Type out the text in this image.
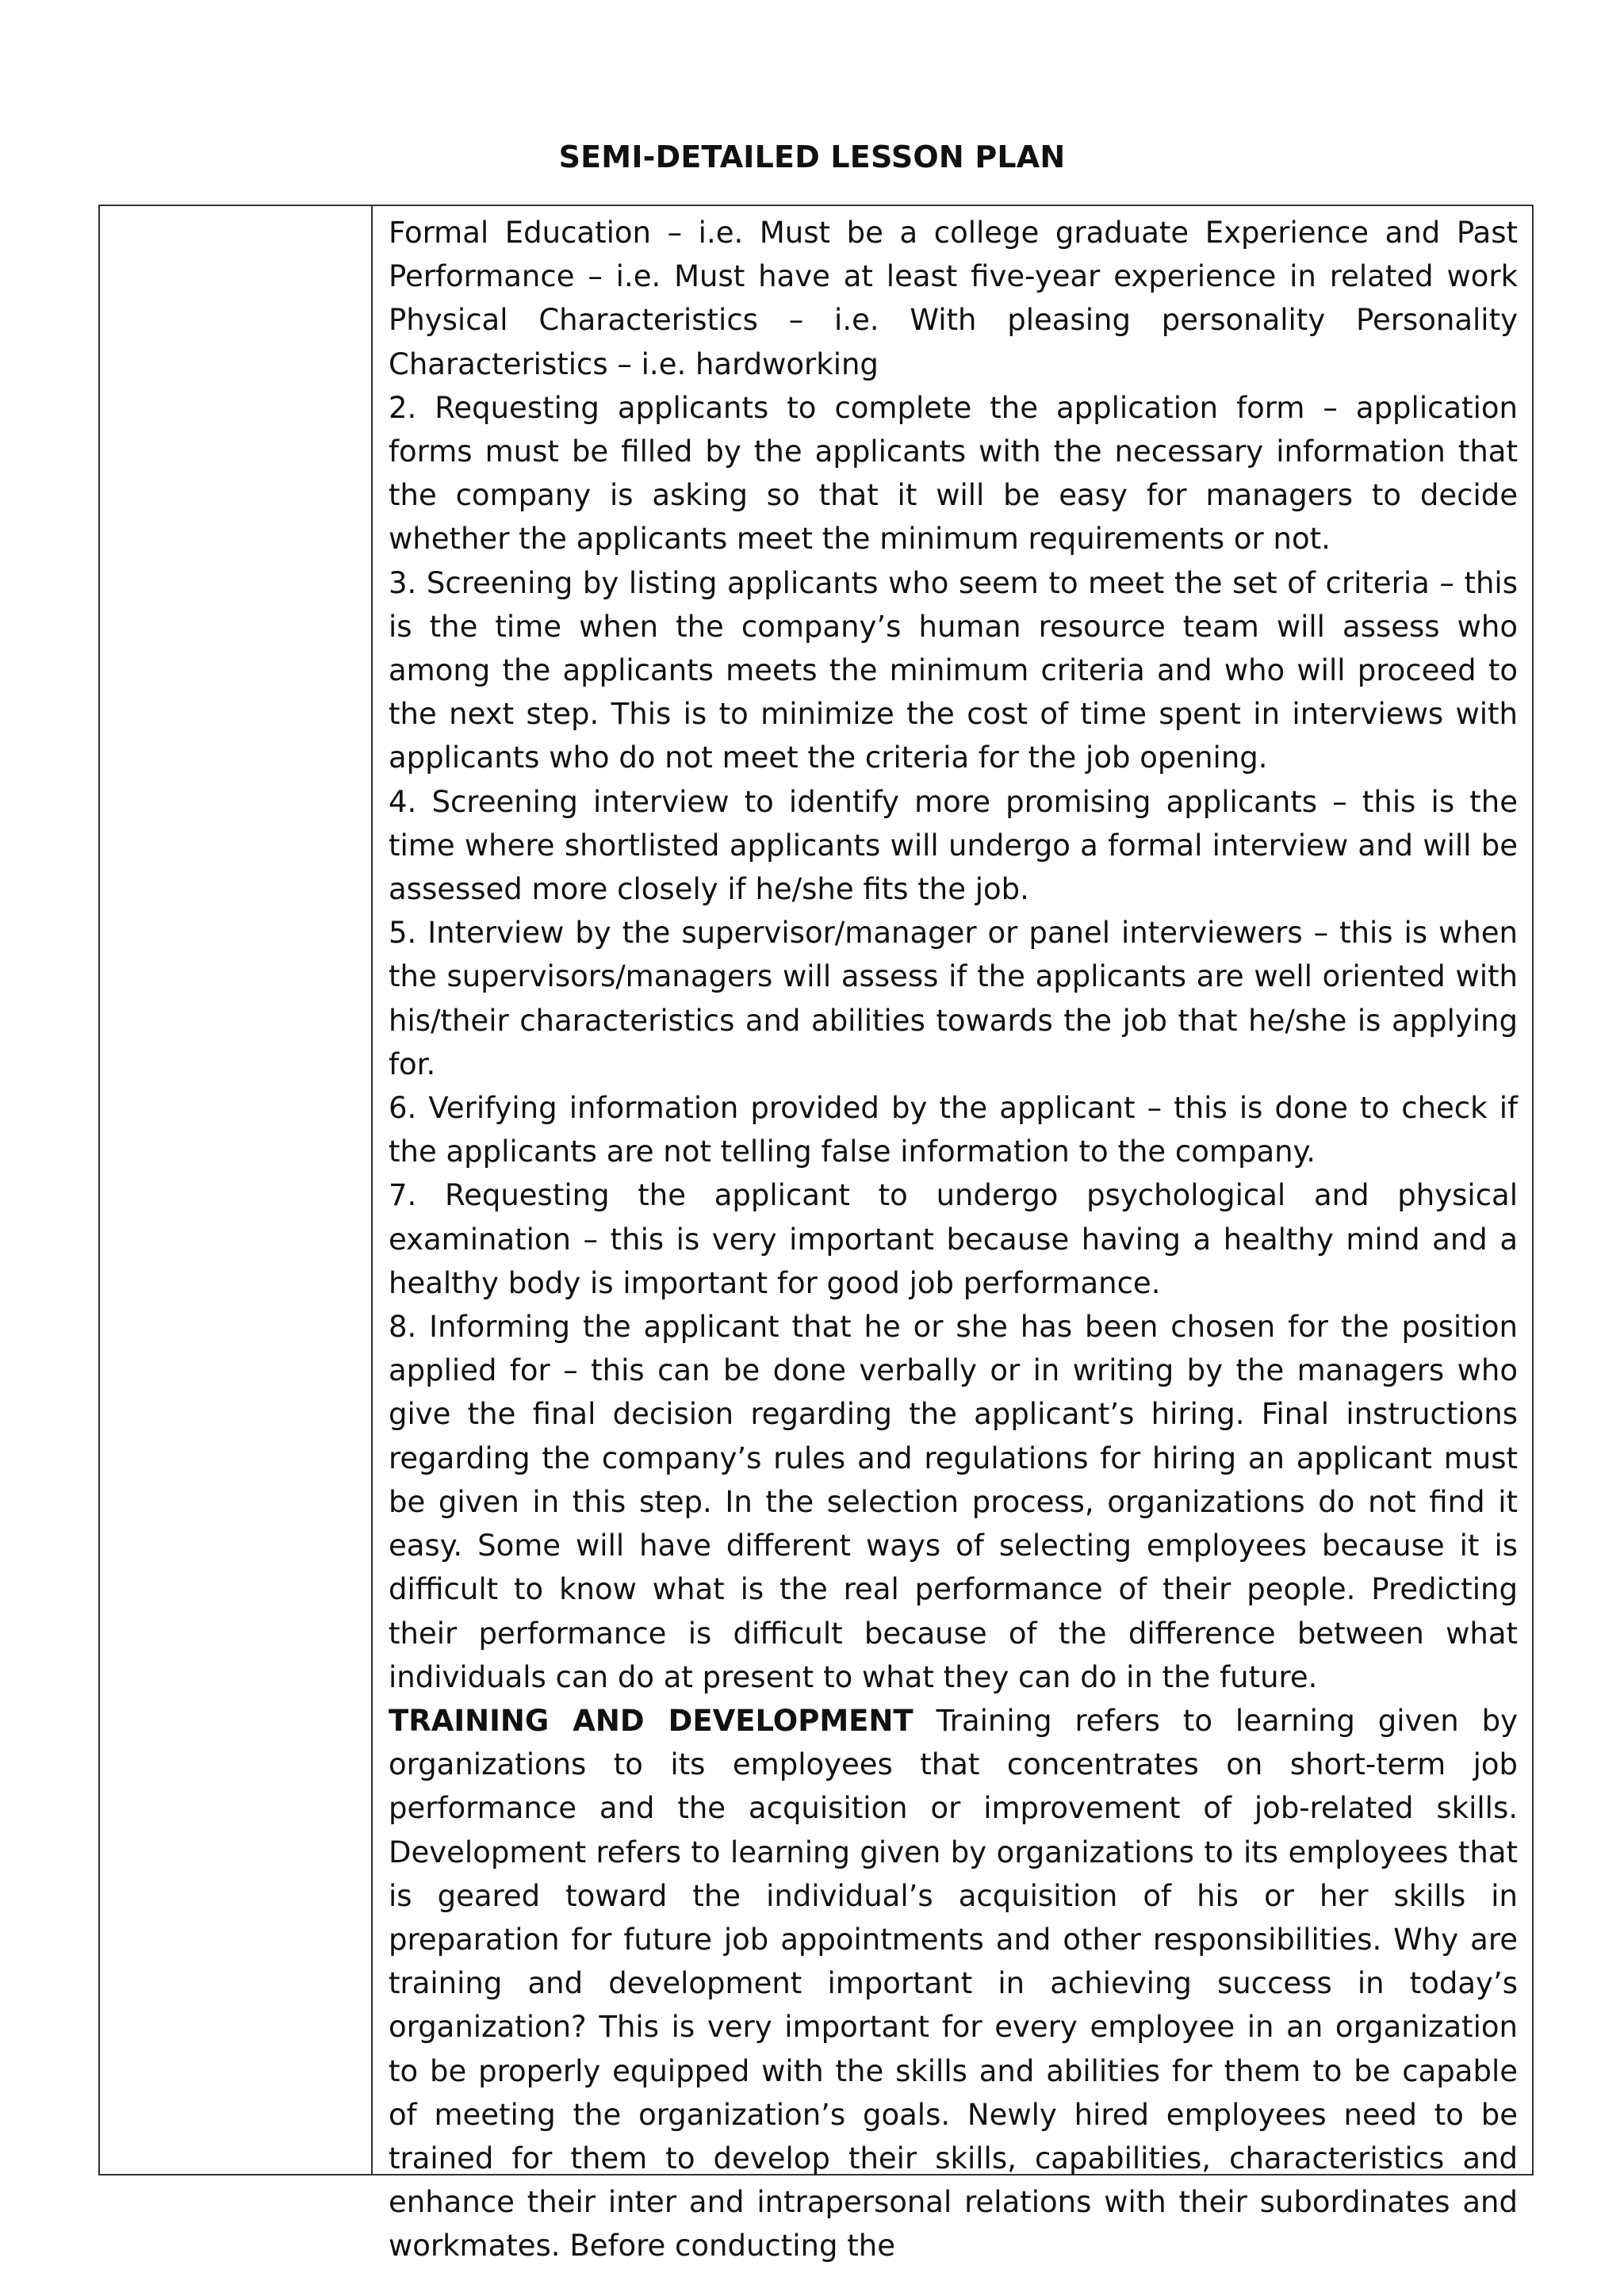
SEMI-DETAILED LESSON PLAN

Formal Education – i.e. Must be a college graduate Experience and Past Performance – i.e. Must have at least five-year experience in related work Physical Characteristics – i.e. With pleasing personality Personality Characteristics – i.e. hardworking

2. Requesting applicants to complete the application form – application forms must be filled by the applicants with the necessary information that the company is asking so that it will be easy for managers to decide whether the applicants meet the minimum requirements or not.

3. Screening by listing applicants who seem to meet the set of criteria – this is the time when the company’s human resource team will assess who among the applicants meets the minimum criteria and who will proceed to the next step. This is to minimize the cost of time spent in interviews with applicants who do not meet the criteria for the job opening.

4. Screening interview to identify more promising applicants – this is the time where shortlisted applicants will undergo a formal interview and will be assessed more closely if he/she fits the job.

5. Interview by the supervisor/manager or panel interviewers – this is when the supervisors/managers will assess if the applicants are well oriented with his/their characteristics and abilities towards the job that he/she is applying for.

6. Verifying information provided by the applicant – this is done to check if the applicants are not telling false information to the company.

7. Requesting the applicant to undergo psychological and physical examination – this is very important because having a healthy mind and a healthy body is important for good job performance.

8. Informing the applicant that he or she has been chosen for the position applied for – this can be done verbally or in writing by the managers who give the final decision regarding the applicant’s hiring. Final instructions regarding the company’s rules and regulations for hiring an applicant must be given in this step. In the selection process, organizations do not find it easy. Some will have different ways of selecting employees because it is difficult to know what is the real performance of their people. Predicting their performance is difficult because of the difference between what individuals can do at present to what they can do in the future.

TRAINING AND DEVELOPMENT Training refers to learning given by organizations to its employees that concentrates on short-term job performance and the acquisition or improvement of job-related skills. Development refers to learning given by organizations to its employees that is geared toward the individual’s acquisition of his or her skills in preparation for future job appointments and other responsibilities. Why are training and development important in achieving success in today’s organization? This is very important for every employee in an organization to be properly equipped with the skills and abilities for them to be capable of meeting the organization’s goals. Newly hired employees need to be trained for them to develop their skills, capabilities, characteristics and enhance their inter and intrapersonal relations with their subordinates and workmates. Before conducting the
